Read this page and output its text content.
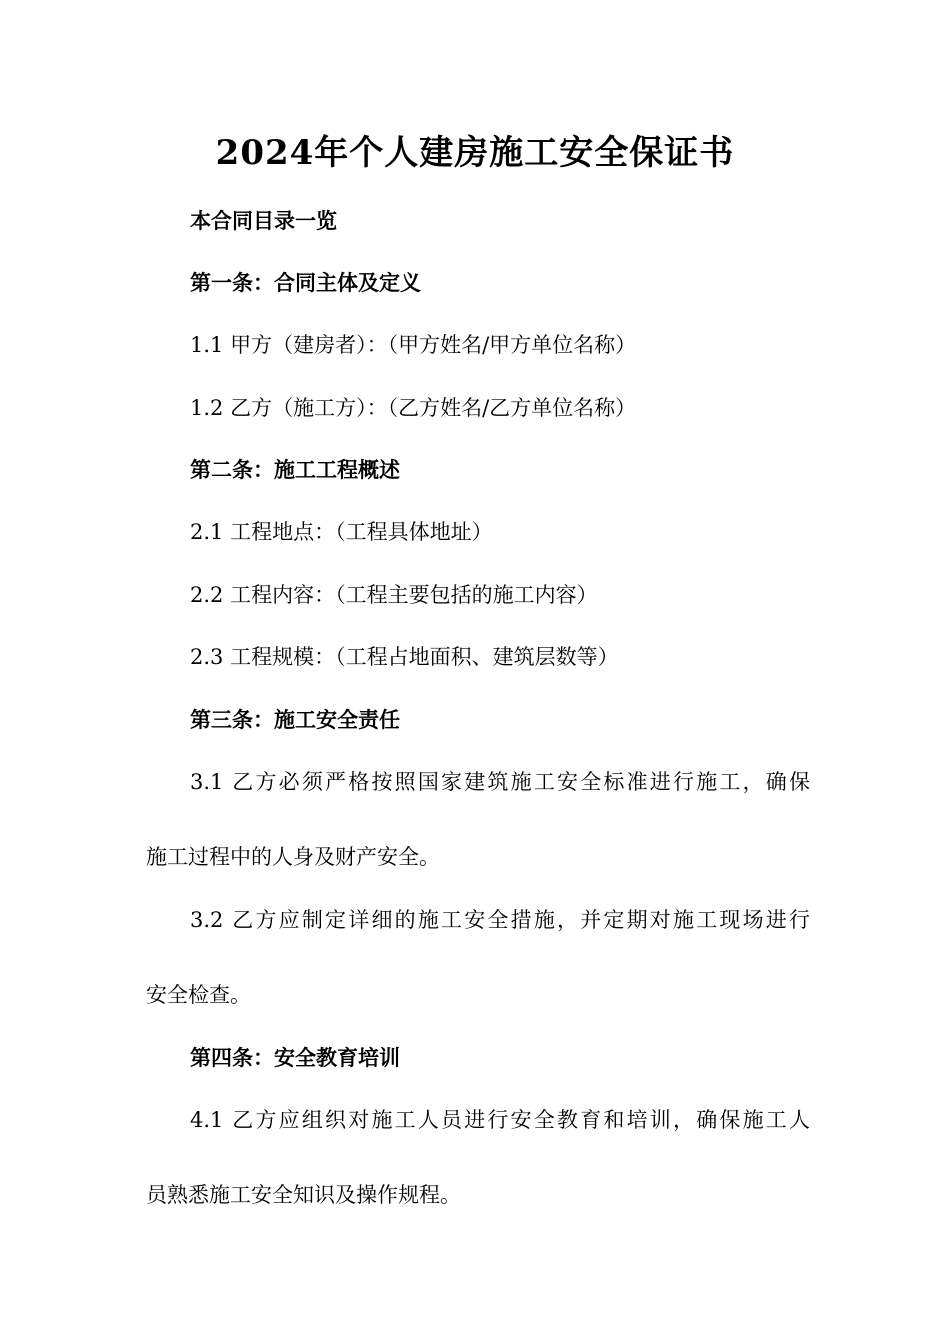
2024年个人建房施工安全保证书
本合同目录一览
第一条：合同主体及定义
1.1 甲方（建房者）：（甲方姓名/甲方单位名称）
1.2 乙方（施工方）：（乙方姓名/乙方单位名称）
第二条：施工工程概述
2.1 工程地点：（工程具体地址）
2.2 工程内容：（工程主要包括的施工内容）
2.3 工程规模：（工程占地面积、建筑层数等）
第三条：施工安全责任
3.1 乙方必须严格按照国家建筑施工安全标准进行施工，确保
施工过程中的人身及财产安全。
3.2 乙方应制定详细的施工安全措施，并定期对施工现场进行
安全检查。
第四条：安全教育培训
4.1 乙方应组织对施工人员进行安全教育和培训，确保施工人
员熟悉施工安全知识及操作规程。
